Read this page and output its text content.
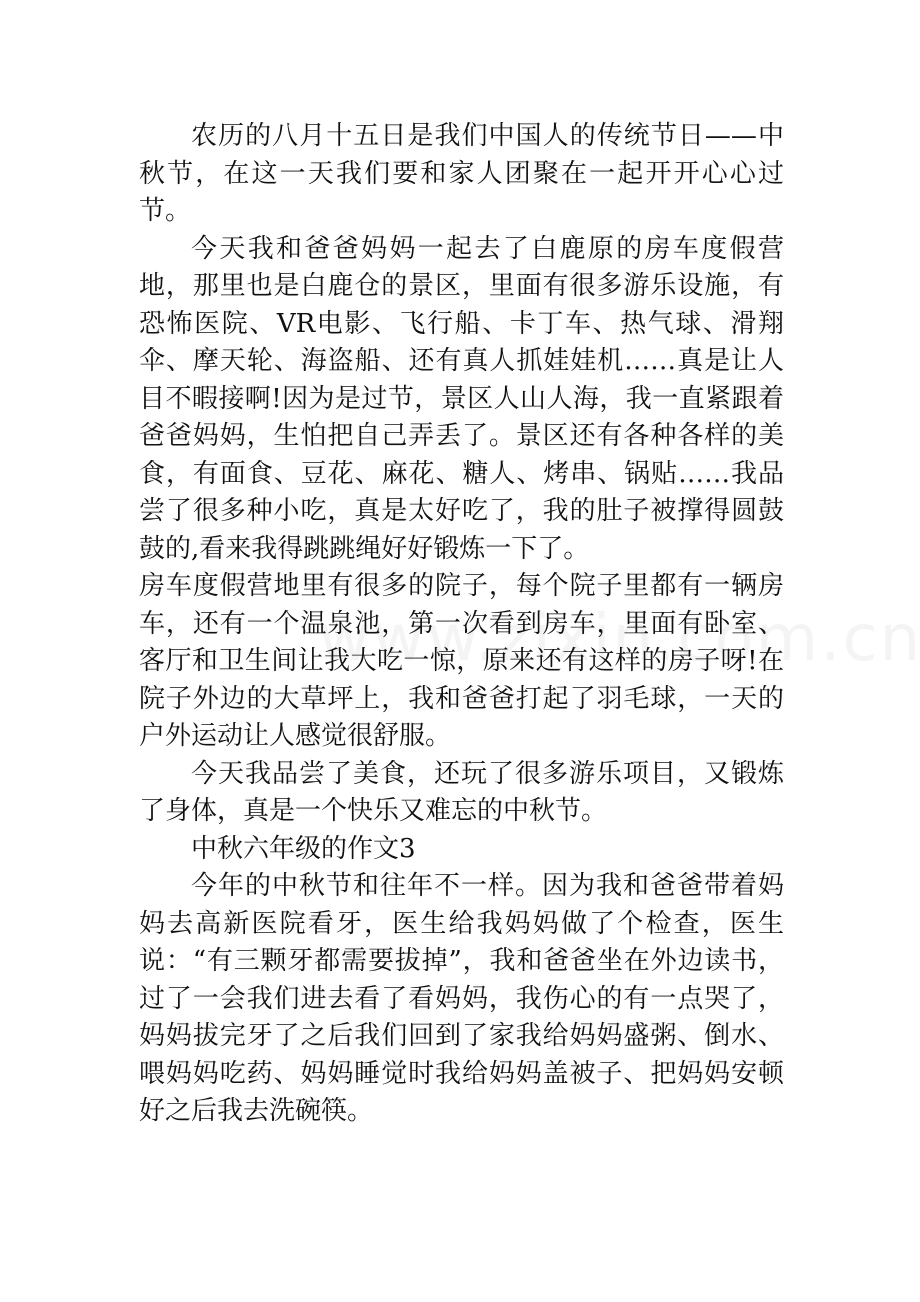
农历的八月十五日是我们中国人的传统节日——中秋节，在这一天我们要和家人团聚在一起开开心心过节。

今天我和爸爸妈妈一起去了白鹿原的房车度假营地，那里也是白鹿仓的景区，里面有很多游乐设施，有恐怖医院、VR电影、飞行船、卡丁车、热气球、滑翔伞、摩天轮、海盗船、还有真人抓娃娃机……真是让人目不暇接啊!因为是过节，景区人山人海，我一直紧跟着爸爸妈妈，生怕把自己弄丢了。景区还有各种各样的美食，有面食、豆花、麻花、糖人、烤串、锅贴……我品尝了很多种小吃，真是太好吃了，我的肚子被撑得圆鼓鼓的,看来我得跳跳绳好好锻炼一下了。

房车度假营地里有很多的院子，每个院子里都有一辆房车，还有一个温泉池，第一次看到房车，里面有卧室、客厅和卫生间让我大吃一惊，原来还有这样的房子呀!在院子外边的大草坪上，我和爸爸打起了羽毛球，一天的户外运动让人感觉很舒服。

今天我品尝了美食，还玩了很多游乐项目，又锻炼了身体，真是一个快乐又难忘的中秋节。

中秋六年级的作文3

今年的中秋节和往年不一样。因为我和爸爸带着妈妈去高新医院看牙，医生给我妈妈做了个检查，医生说：“有三颗牙都需要拔掉”，我和爸爸坐在外边读书，过了一会我们进去看了看妈妈，我伤心的有一点哭了，妈妈拔完牙了之后我们回到了家我给妈妈盛粥、倒水、喂妈妈吃药、妈妈睡觉时我给妈妈盖被子、把妈妈安顿好之后我去洗碗筷。
